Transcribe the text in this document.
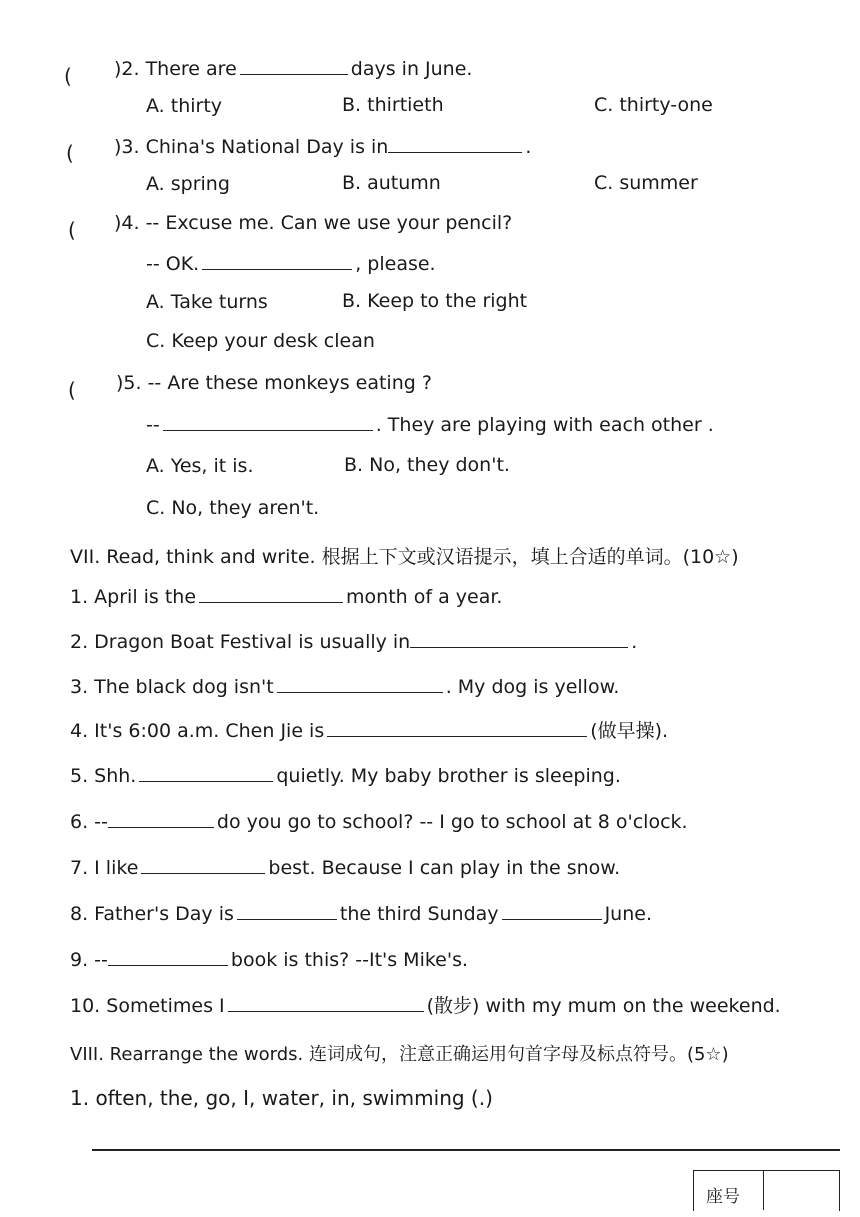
( )2. There are	days in June.
A. thirty	B. thirtieth	C. thirty-one
( )3. China's National Day is in	.
A. spring	B. autumn	C. summer
( )4. -- Excuse me. Can we use your pencil?
-- OK.	, please.
A. Take turns	B. Keep to the right
C. Keep your desk clean
( )5. -- Are these monkeys eating ?
--	. They are playing with each other .
A. Yes, it is.	B. No, they don't.
C. No, they aren't.
VII. Read, think and write. 根据上下文或汉语提示，填上合适的单词。(10☆)
1. April is the	month of a year.
2. Dragon Boat Festival is usually in	.
3. The black dog isn't	. My dog is yellow.
4. It's 6:00 a.m. Chen Jie is	(做早操).
5. Shh.	quietly. My baby brother is sleeping.
6. --	do you go to school? -- I go to school at 8 o'clock.
7. I like	best. Because I can play in the snow.
8. Father's Day is	the third Sunday	June.
9. --	book is this? --It's Mike's.
10. Sometimes I	(散步) with my mum on the weekend.
VIII. Rearrange the words. 连词成句，注意正确运用句首字母及标点符号。(5☆)
1. often, the, go, I, water, in, swimming (.)
座号
